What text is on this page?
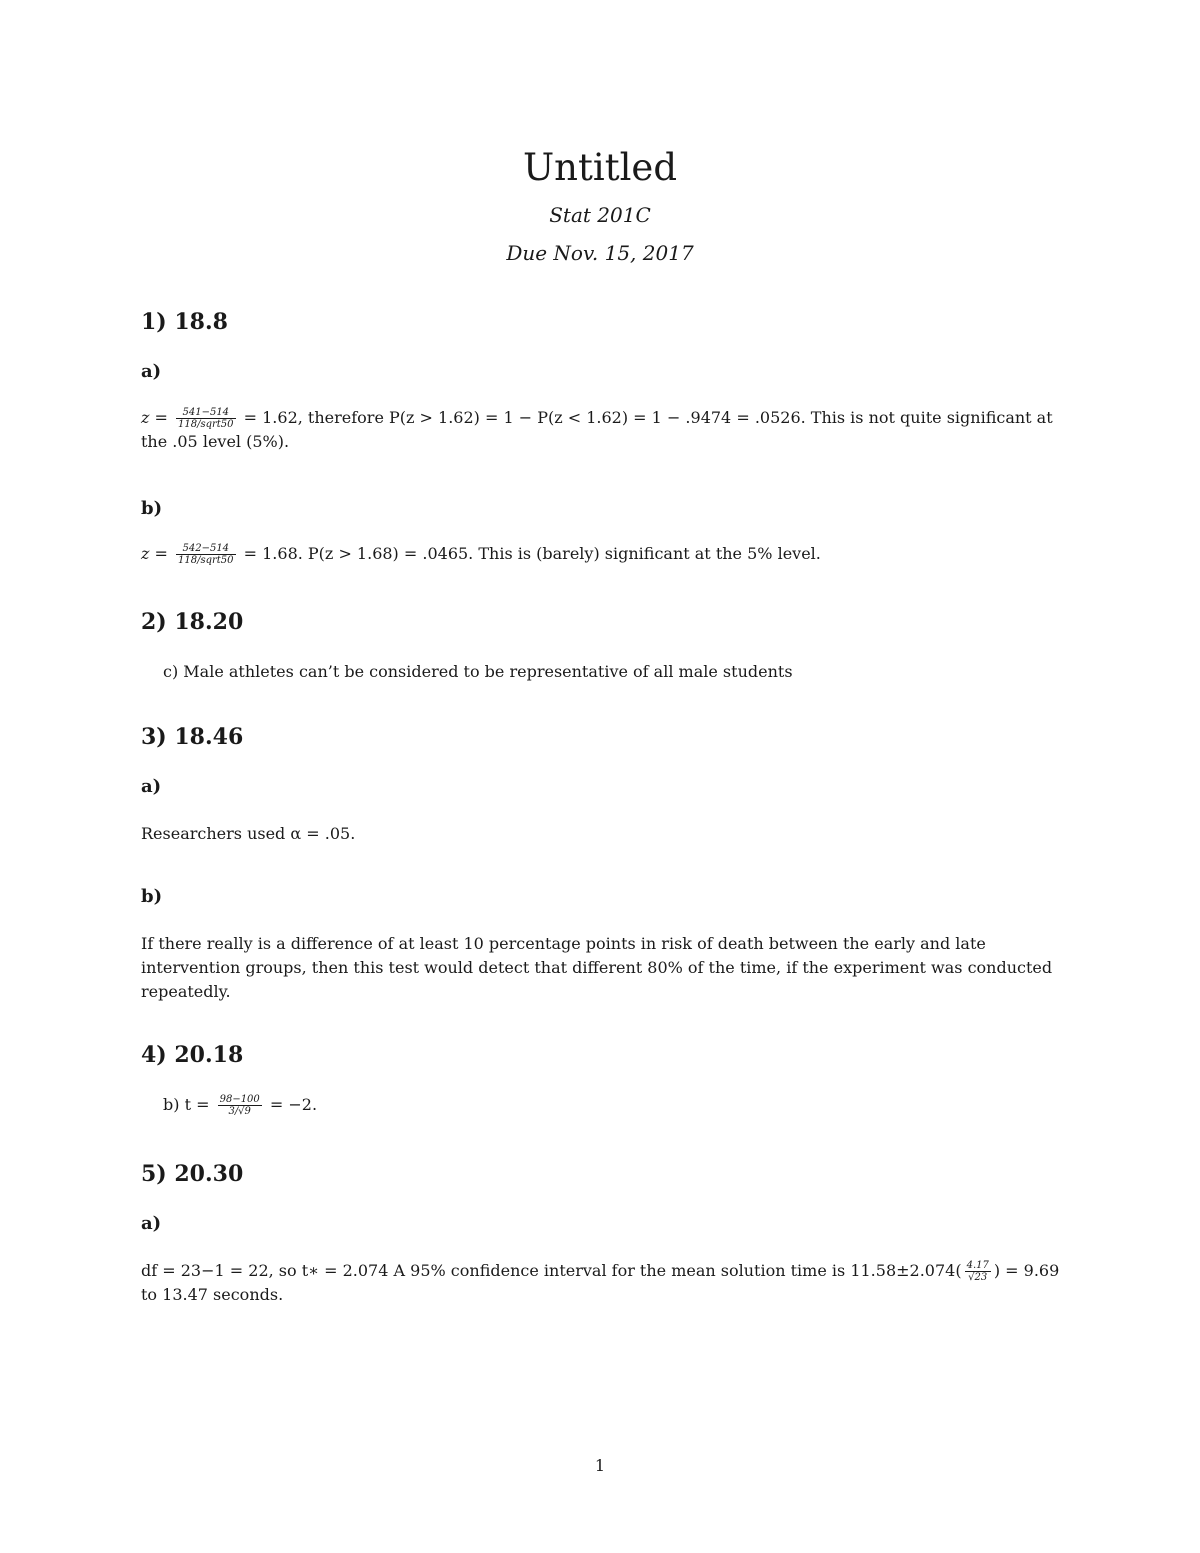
Untitled
Stat 201C
Due Nov. 15, 2017
1) 18.8
a)
$z = \frac{541-514}{\text{118/sqrt50}} = 1.62$, therefore P(z > 1.62) = 1 − P(z < 1.62) = 1 − .9474 = .0526. This is not quite significant at the .05 level (5%).
b)
$z = \frac{542-514}{\text{118/sqrt50}} = 1.68$. P(z > 1.68) = .0465. This is (barely) significant at the 5% level.
2) 18.20
c) Male athletes can’t be considered to be representative of all male students
3) 18.46
a)
Researchers used α = .05.
b)
If there really is a difference of at least 10 percentage points in risk of death between the early and late intervention groups, then this test would detect that different 80% of the time, if the experiment was conducted repeatedly.
4) 20.18
b) $t = \frac{98-100}{3/√9} = -2$.
5) 20.30
a)
df = 23−1 = 22, so t∗ = 2.074 A 95% confidence interval for the mean solution time is $11.58\pm 2.074( \frac{4.17}{√23}$ ) = 9.69 to 13.47 seconds.
1
